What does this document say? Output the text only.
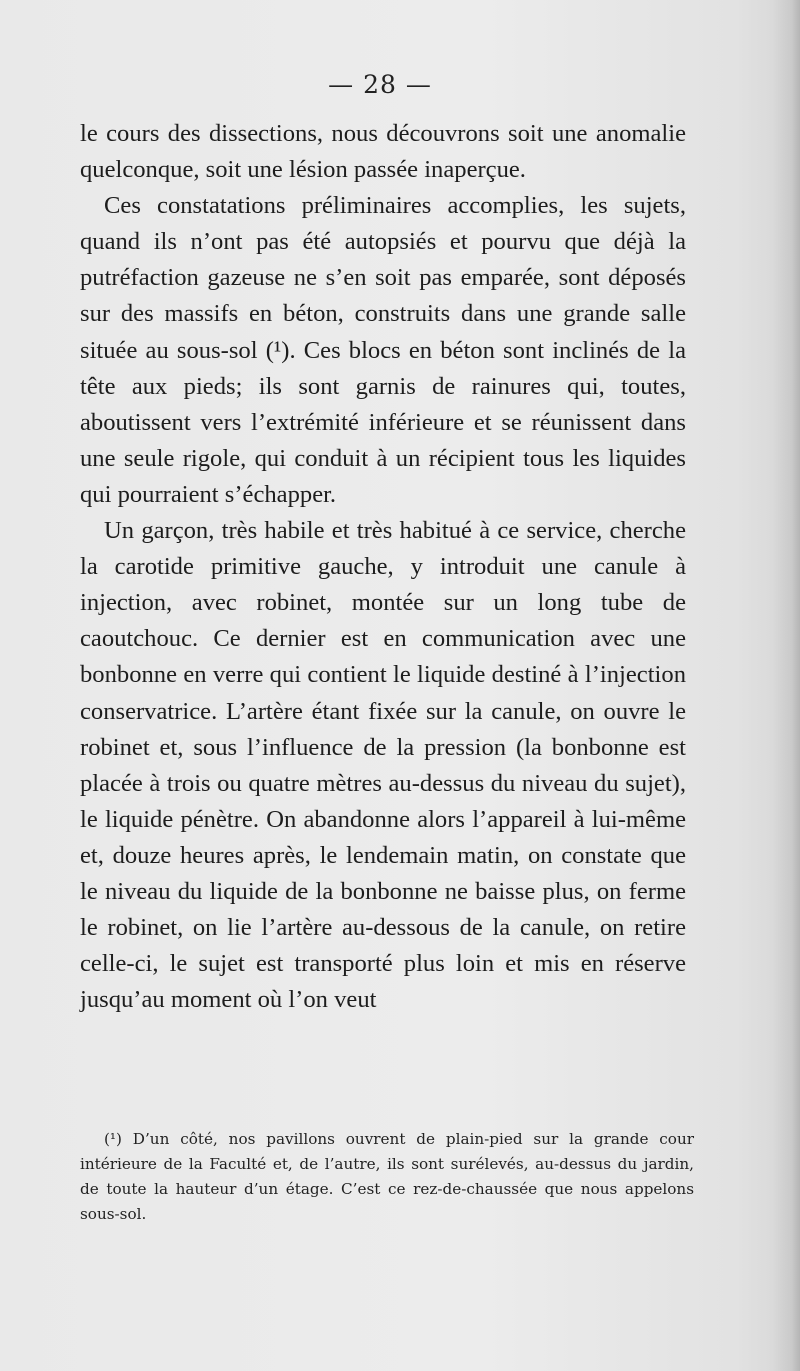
— 28 —

le cours des dissections, nous découvrons soit une anomalie quelconque, soit une lésion passée inaperçue.

Ces constatations préliminaires accomplies, les sujets, quand ils n’ont pas été autopsiés et pourvu que déjà la putréfaction gazeuse ne s’en soit pas emparée, sont déposés sur des massifs en béton, construits dans une grande salle située au sous-sol (¹). Ces blocs en béton sont inclinés de la tête aux pieds; ils sont garnis de rainures qui, toutes, aboutissent vers l’extrémité inférieure et se réunissent dans une seule rigole, qui conduit à un récipient tous les liquides qui pourraient s’échapper.

Un garçon, très habile et très habitué à ce service, cherche la carotide primitive gauche, y introduit une canule à injection, avec robinet, montée sur un long tube de caoutchouc. Ce dernier est en communication avec une bonbonne en verre qui contient le liquide destiné à l’injection conservatrice. L’artère étant fixée sur la canule, on ouvre le robinet et, sous l’influence de la pression (la bonbonne est placée à trois ou quatre mètres au-dessus du niveau du sujet), le liquide pénètre. On abandonne alors l’appareil à lui-même et, douze heures après, le lendemain matin, on constate que le niveau du liquide de la bonbonne ne baisse plus, on ferme le robinet, on lie l’artère au-dessous de la canule, on retire celle-ci, le sujet est transporté plus loin et mis en réserve jusqu’au moment où l’on veut

(¹) D’un côté, nos pavillons ouvrent de plain-pied sur la grande cour intérieure de la Faculté et, de l’autre, ils sont surélevés, au-dessus du jardin, de toute la hauteur d’un étage. C’est ce rez-de-chaussée que nous appelons sous-sol.
